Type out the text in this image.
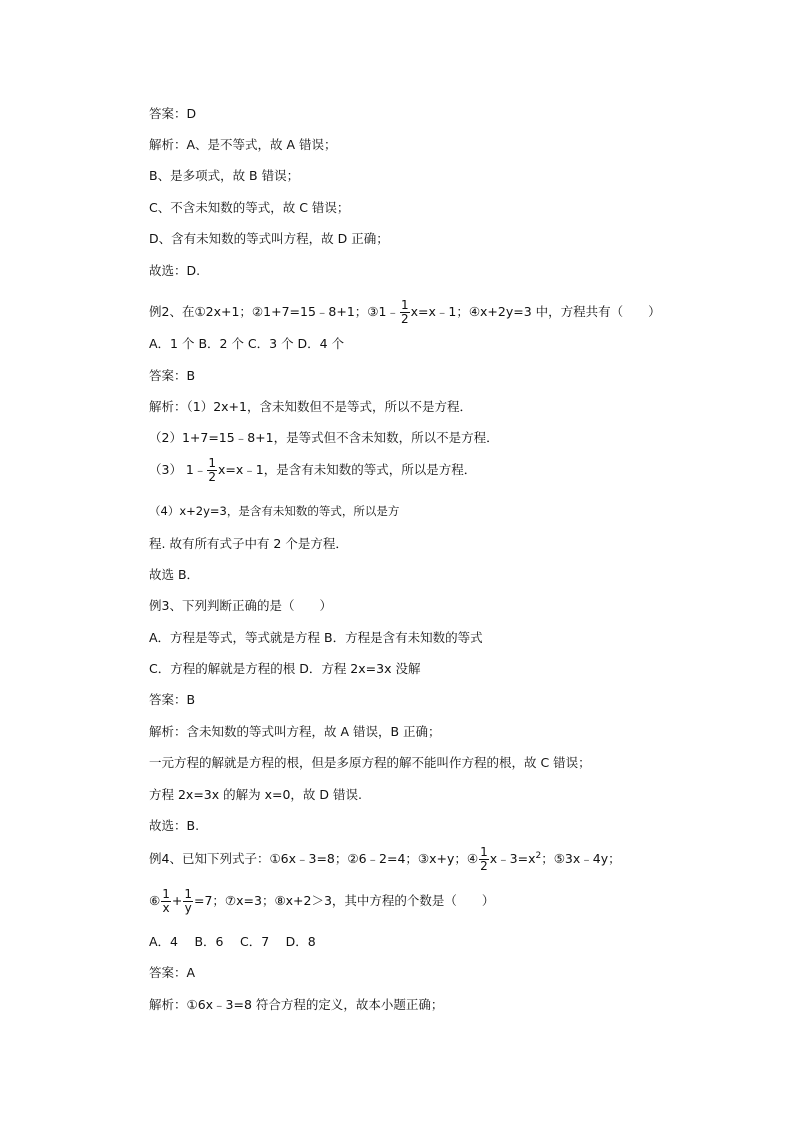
答案：D
解析：A、是不等式，故 A 错误；
B、是多项式，故 B 错误；
C、不含未知数的等式，故 C 错误；
D、含有未知数的等式叫方程，故 D 正确；
故选：D.
例2、在①2x+1；②1+7=15﹣8+1；③1﹣ $\frac{1}{2}$ x=x﹣1；④x+2y=3 中，方程共有（　　）
A．1 个 B．2 个 C．3 个 D．4 个
答案：B
解析：（1）2x+1，含未知数但不是等式，所以不是方程．
（2）1+7=15﹣8+1，是等式但不含未知数，所以不是方程．
（3） 1﹣ $\frac{1}{2}$ x=x﹣1，是含有未知数的等式，所以是方程．
（4）x+2y=3，是含有未知数的等式，所以是方
程. 故有所有式子中有 2 个是方程．
故选 B．
例3、下列判断正确的是（　　）
A．方程是等式，等式就是方程 B．方程是含有未知数的等式
C．方程的解就是方程的根 D．方程 2x=3x 没解
答案：B
解析：含未知数的等式叫方程，故 A 错误，B 正确；
一元方程的解就是方程的根，但是多原方程的解不能叫作方程的根，故 C 错误；
方程 2x=3x 的解为 x=0，故 D 错误.
故选：B.
例4、已知下列式子：①6x﹣3=8；②6﹣2=4；③x+y；④ $\frac{1}{2}$ $x﹣3=x^2$；⑤3x﹣4y；
⑥ $\frac{1}{x} + \frac{1}{y} =7$；⑦x=3；⑧x+2＞3，其中方程的个数是（　　）
A．4　 B．6　 C．7　 D．8
答案：A
解析：①6x﹣3=8 符合方程的定义，故本小题正确；
